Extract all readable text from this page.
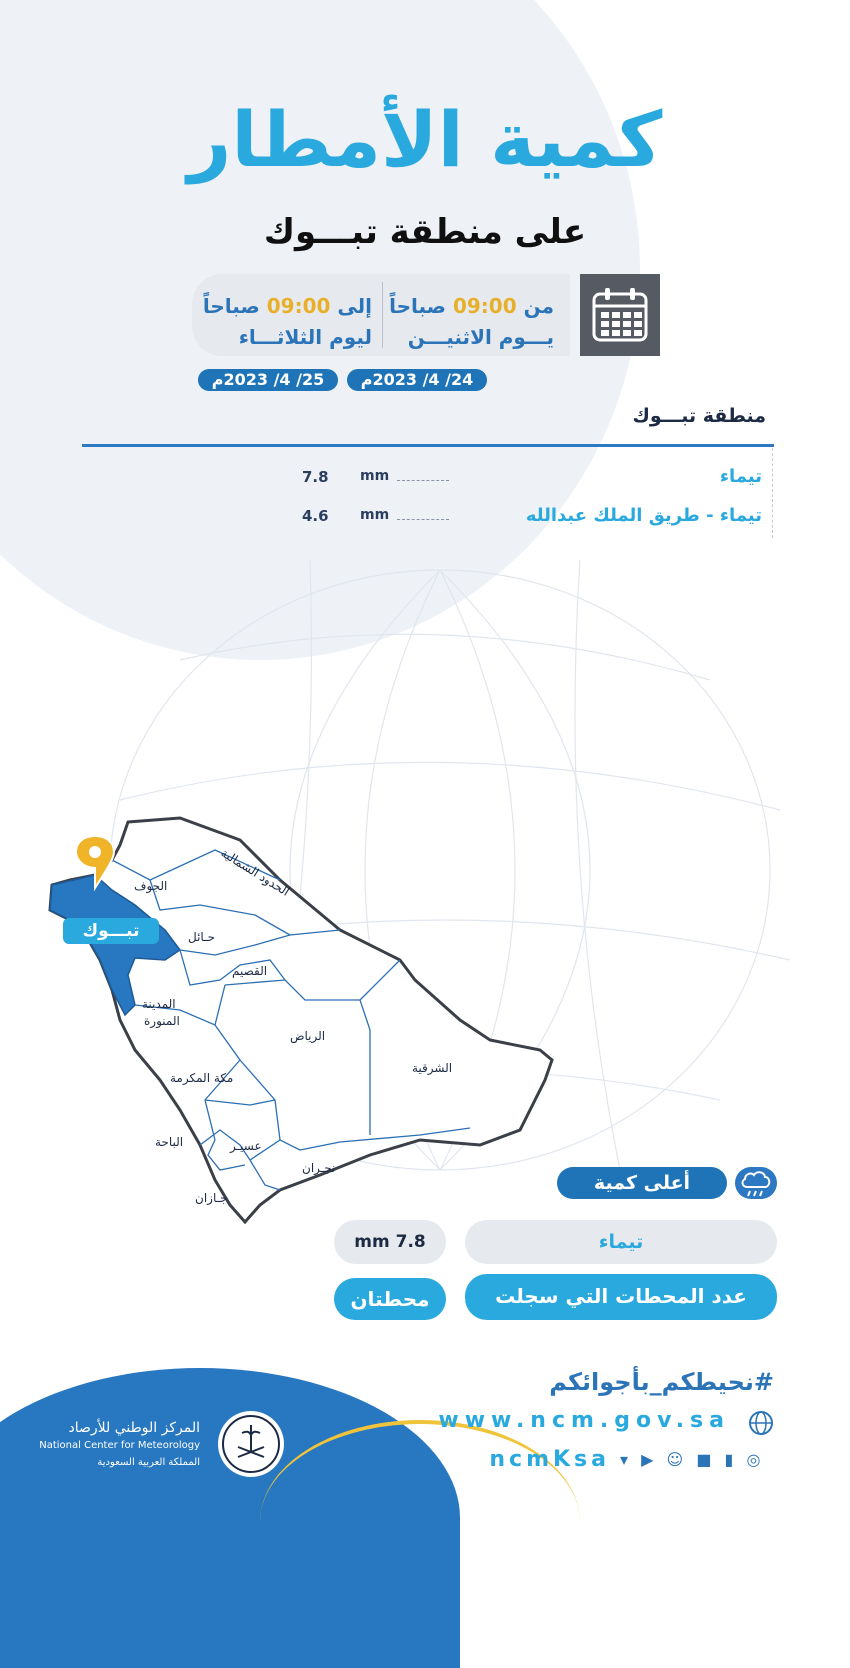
كمية الأمطار
على منطقة تبـــوك
من 09:00 صباحاً
يـــوم الاثنيـــن
إلى 09:00 صباحاً
ليوم الثلاثـــاء
24/ 4/ 2023م
25/ 4/ 2023م
منطقة تبـــوك
تيماء
mm
7.8
تيماء - طريق الملك عبدالله
mm
4.6
الجوف	الحدود الشمالية
حـائل
القصيم
المدينة
المنورة
الرياض
الشرقية
مكة المكرمة
الباحة	عسيـر
نجـران
جـازان
تبـــوك
أعلى كمية
تيماء
7.8 mm
عدد المحطات التي سجلت
محطتان
المركز الوطني للأرصاد
National Center for Meteorology
المملكة العربية السعودية
#نحيطكم_بأجوائكم
www.ncm.gov.sa
ncmKsa ▾ ▶ ☺ ■ ▮ ◎
